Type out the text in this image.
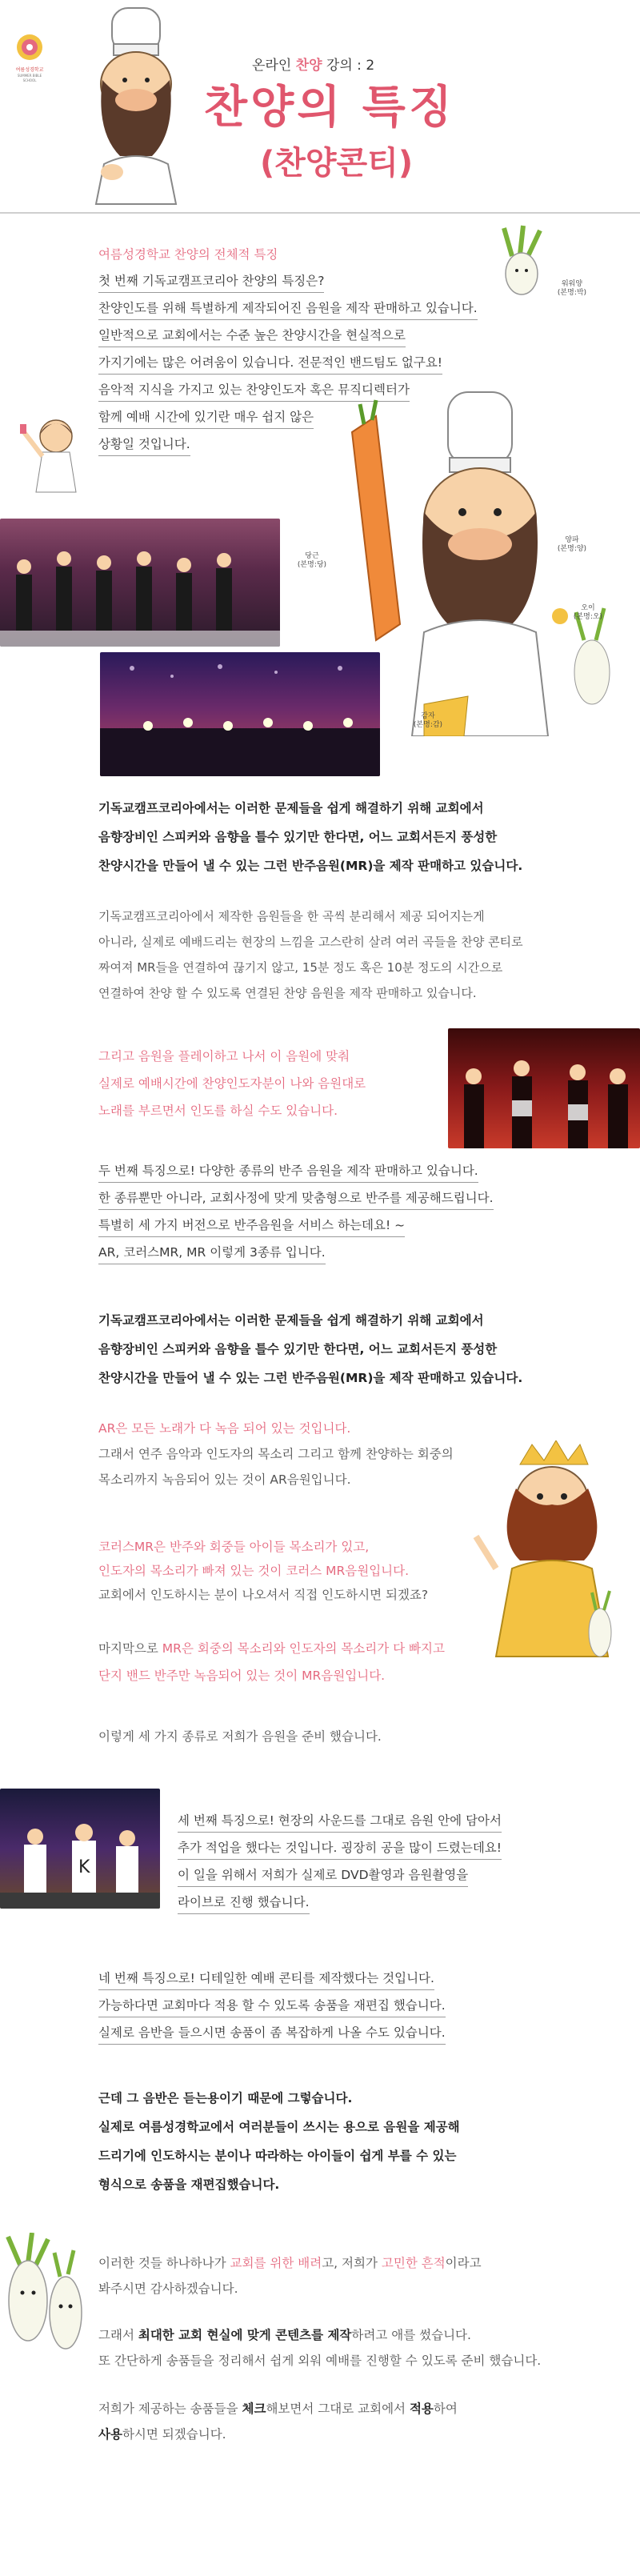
여름성경학교
SUMMER BIBLE SCHOOL
온라인 찬양 강의 : 2
찬양의 특징
(찬양콘티)
여름성경학교 찬양의 전체적 특징
첫 번째 기독교캠프코리아 찬양의 특징은?
찬양인도를 위해 특별하게 제작되어진 음원을 제작 판매하고 있습니다.
일반적으로 교회에서는 수준 높은 찬양시간을 현실적으로
가지기에는 많은 어려움이 있습니다. 전문적인 밴드팀도 없구요!
음악적 지식을 가지고 있는 찬양인도자 혹은 뮤직디렉터가
함께 예배 시간에 있기란 매우 쉽지 않은
상황일 것입니다.
워워양
(본명:박)
양파
(본명:양)
당근
(본명:당)
오이
(본명:오)
감자
(본명:감)
기독교캠프코리아에서는 이러한 문제들을 쉽게 해결하기 위해 교회에서
음향장비인 스피커와 음향을 틀수 있기만 한다면, 어느 교회서든지 풍성한
찬양시간을 만들어 낼 수 있는 그런 반주음원(MR)을 제작 판매하고 있습니다.
기독교캠프코리아에서 제작한 음원들을 한 곡씩 분리해서 제공 되어지는게
아니라, 실제로 예배드리는 현장의 느낌을 고스란히 살려 여러 곡들을 찬양 콘티로
짜여져 MR들을 연결하여 끊기지 않고, 15분 정도 혹은 10분 정도의 시간으로
연결하여 찬양 할 수 있도록 연결된 찬양 음원을 제작 판매하고 있습니다.
그리고 음원을 플레이하고 나서 이 음원에 맞춰
실제로 예배시간에 찬양인도자분이 나와 음원대로
노래를 부르면서 인도를 하실 수도 있습니다.
두 번째 특징으로! 다양한 종류의 반주 음원을 제작 판매하고 있습니다.
한 종류뿐만 아니라, 교회사정에 맞게 맞춤형으로 반주를 제공해드립니다.
특별히 세 가지 버전으로 반주음원을 서비스 하는데요! ~
AR, 코러스MR, MR 이렇게 3종류 입니다.
기독교캠프코리아에서는 이러한 문제들을 쉽게 해결하기 위해 교회에서
음향장비인 스피커와 음향을 틀수 있기만 한다면, 어느 교회서든지 풍성한
찬양시간을 만들어 낼 수 있는 그런 반주음원(MR)을 제작 판매하고 있습니다.
AR은 모든 노래가 다 녹음 되어 있는 것입니다.
그래서 연주 음악과 인도자의 목소리 그리고 함께 찬양하는 회중의
목소리까지 녹음되어 있는 것이 AR음원입니다.
코러스MR은 반주와 회중들 아이들 목소리가 있고,
인도자의 목소리가 빠져 있는 것이 코러스 MR음원입니다.
교회에서 인도하시는 분이 나오셔서 직접 인도하시면 되겠죠?
마지막으로 MR은 회중의 목소리와 인도자의 목소리가 다 빠지고
단지 밴드 반주만 녹음되어 있는 것이 MR음원입니다.
이렇게 세 가지 종류로 저희가 음원을 준비 했습니다.
K
세 번째 특징으로! 현장의 사운드를 그대로 음원 안에 담아서
추가 적업을 했다는 것입니다. 굉장히 공을 많이 드렸는데요!
이 일을 위해서 저희가 실제로 DVD촬영과 음원촬영을
라이브로 진행 했습니다.
네 번째 특징으로! 디테일한 예배 콘티를 제작했다는 것입니다.
가능하다면 교회마다 적용 할 수 있도록 송품을 재편집 했습니다.
실제로 음반을 들으시면 송품이 좀 복잡하게 나올 수도 있습니다.
근데 그 음반은 듣는용이기 때문에 그렇습니다.
실제로 여름성경학교에서 여러분들이 쓰시는 용으로 음원을 제공해
드리기에 인도하시는 분이나 따라하는 아이들이 쉽게 부를 수 있는
형식으로 송품을 재편집했습니다.
이러한 것들 하나하나가 교회를 위한 배려고, 저희가 고민한 흔적이라고
봐주시면 감사하겠습니다.
그래서 최대한 교회 현실에 맞게 콘텐츠를 제작하려고 애를 썼습니다.
또 간단하게 송품들을 정리해서 쉽게 외워 예배를 진행할 수 있도록 준비 했습니다.
저희가 제공하는 송품들을 체크해보면서 그대로 교회에서 적용하여
사용하시면 되겠습니다.
